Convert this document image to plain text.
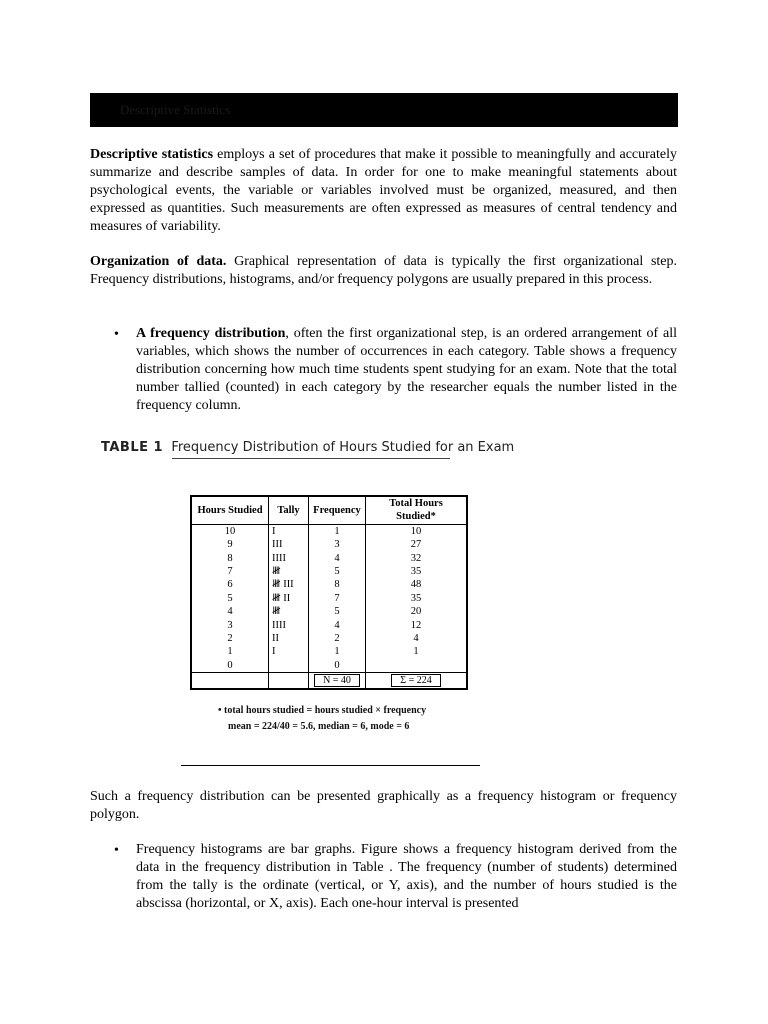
Descriptive Statistics

Descriptive statistics employs a set of procedures that make it possible to meaningfully and accurately summarize and describe samples of data. In order for one to make meaningful statements about psychological events, the variable or variables involved must be organized, measured, and then expressed as quantities. Such measurements are often expressed as measures of central tendency and measures of variability.

Organization of data. Graphical representation of data is typically the first organizational step. Frequency distributions, histograms, and/or frequency polygons are usually prepared in this process.

• A frequency distribution, often the first organizational step, is an ordered arrangement of all variables, which shows the number of occurrences in each category. Table shows a frequency distribution concerning how much time students spent studying for an exam. Note that the total number tallied (counted) in each category by the researcher equals the number listed in the frequency column.

TABLE 1 Frequency Distribution of Hours Studied for an Exam
Hours Studied	Tally	Frequency	Total Hours Studied*
10	I	1	10
9	III	3	27
8	IIII	4	32
7	𝍸	5	35
6	𝍸 III	8	48
5	𝍸 II	7	35
4	𝍸	5	20
3	IIII	4	12
2	II	2	4
1	I	1	1
0		0	
		N = 40	Σ = 224
• total hours studied = hours studied × frequency
mean = 224/40 = 5.6, median = 6, mode = 6

Such a frequency distribution can be presented graphically as a frequency histogram or frequency polygon.

• Frequency histograms are bar graphs. Figure shows a frequency histogram derived from the data in the frequency distribution in Table . The frequency (number of students) determined from the tally is the ordinate (vertical, or Y, axis), and the number of hours studied is the abscissa (horizontal, or X, axis). Each one-hour interval is presented
